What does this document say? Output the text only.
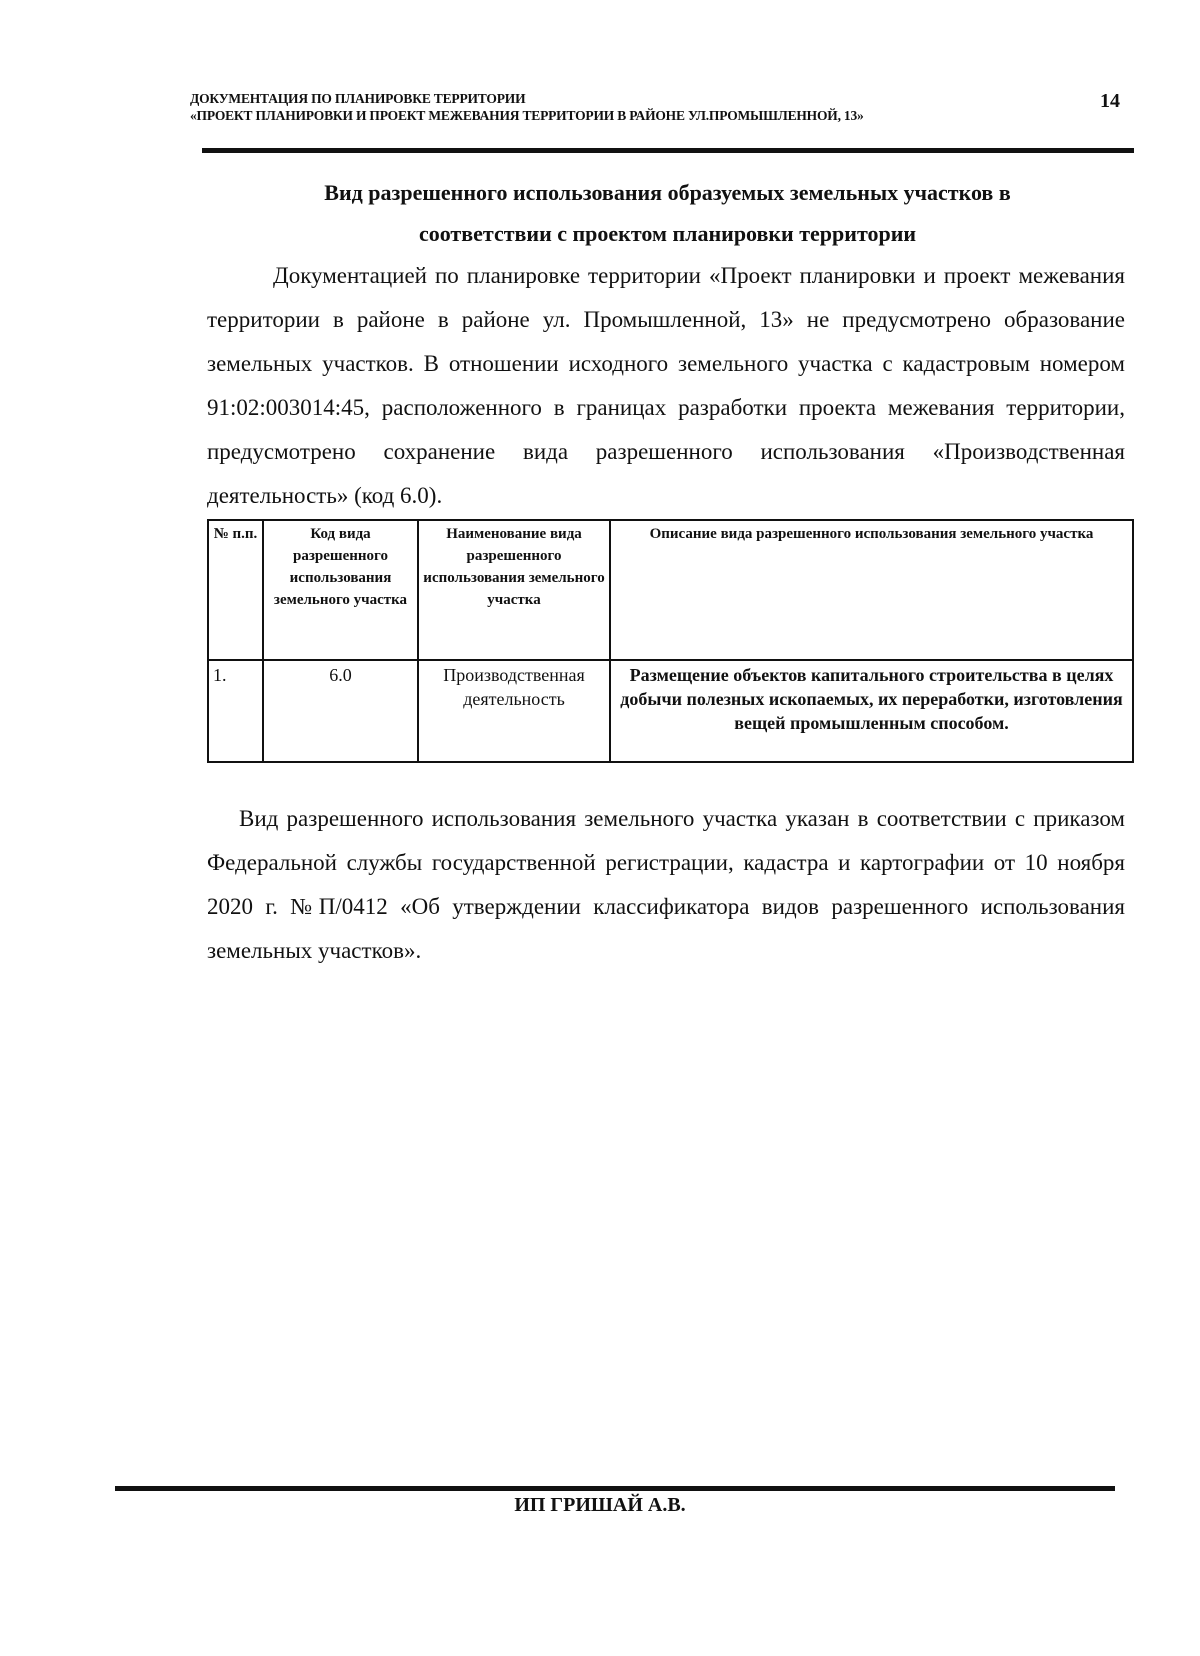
ДОКУМЕНТАЦИЯ ПО ПЛАНИРОВКЕ ТЕРРИТОРИИ
«ПРОЕКТ ПЛАНИРОВКИ И ПРОЕКТ МЕЖЕВАНИЯ ТЕРРИТОРИИ В РАЙОНЕ УЛ.ПРОМЫШЛЕННОЙ, 13»
14
Вид разрешенного использования образуемых земельных участков в
соответствии с проектом планировки территории

Документацией по планировке территории «Проект планировки и проект межевания территории в районе в районе ул. Промышленной, 13» не предусмотрено образование земельных участков. В отношении исходного земельного участка с кадастровым номером 91:02:003014:45, расположенного в границах разработки проекта межевания территории, предусмотрено сохранение вида разрешенного использования «Производственная деятельность» (код 6.0).

№ п.п.	Код вида разрешенного использования земельного участка	Наименование вида разрешенного использования земельного участка	Описание вида разрешенного использования земельного участка
1.	6.0	Производственная деятельность	Размещение объектов капитального строительства в целях добычи полезных ископаемых, их переработки, изготовления вещей промышленным способом.

Вид разрешенного использования земельного участка указан в соответствии с приказом Федеральной службы государственной регистрации, кадастра и картографии от 10 ноября 2020 г. №П/0412 «Об утверждении классификатора видов разрешенного использования земельных участков».

ИП ГРИШАЙ А.В.
